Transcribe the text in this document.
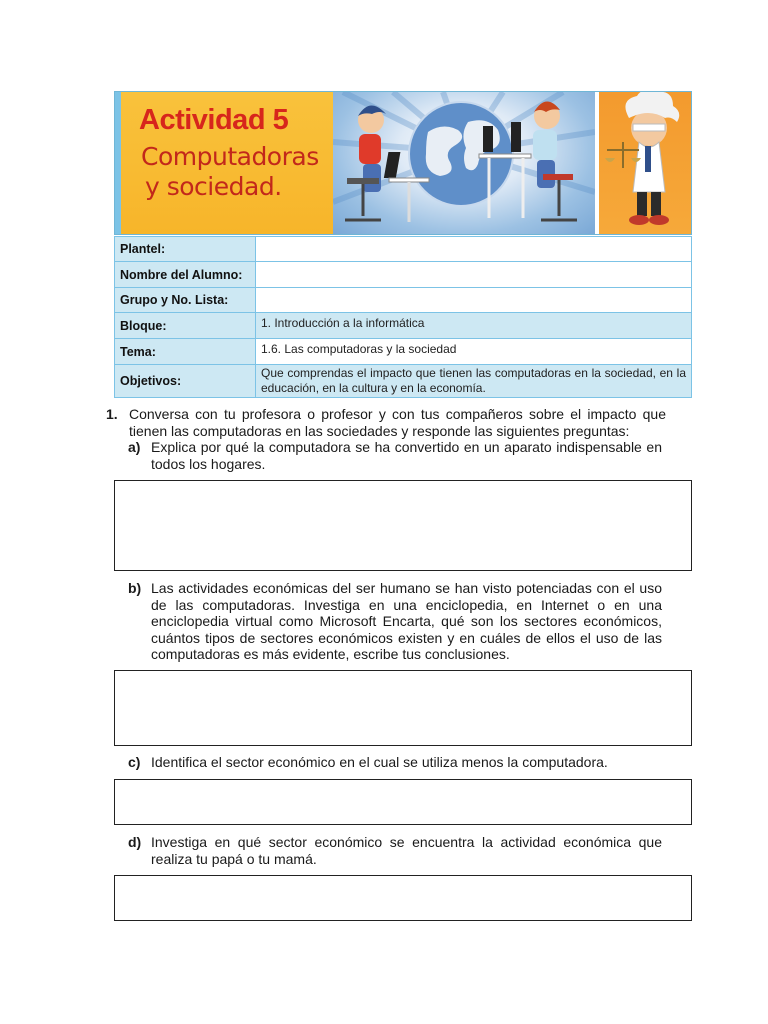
Actividad 5
Computadoras
y sociedad.
Plantel:	
Nombre del Alumno:	
Grupo y No. Lista:	
Bloque:	1. Introducción a la informática
Tema:	1.6. Las computadoras y la sociedad
Objetivos:	Que comprendas el impacto que tienen las computadoras en la sociedad, en la educación, en la cultura y en la economía.
1. Conversa con tu profesora o profesor y con tus compañeros sobre el impacto que tienen las computadoras en las sociedades y responde las siguientes preguntas:
a) Explica por qué la computadora se ha convertido en un aparato indispensable en todos los hogares.
b) Las actividades económicas del ser humano se han visto potenciadas con el uso de las computadoras. Investiga en una enciclopedia, en Internet o en una enciclopedia virtual como Microsoft Encarta, qué son los sectores económicos, cuántos tipos de sectores económicos existen y en cuáles de ellos el uso de las computadoras es más evidente, escribe tus conclusiones.
c) Identifica el sector económico en el cual se utiliza menos la computadora.
d) Investiga en qué sector económico se encuentra la actividad económica que realiza tu papá o tu mamá.
